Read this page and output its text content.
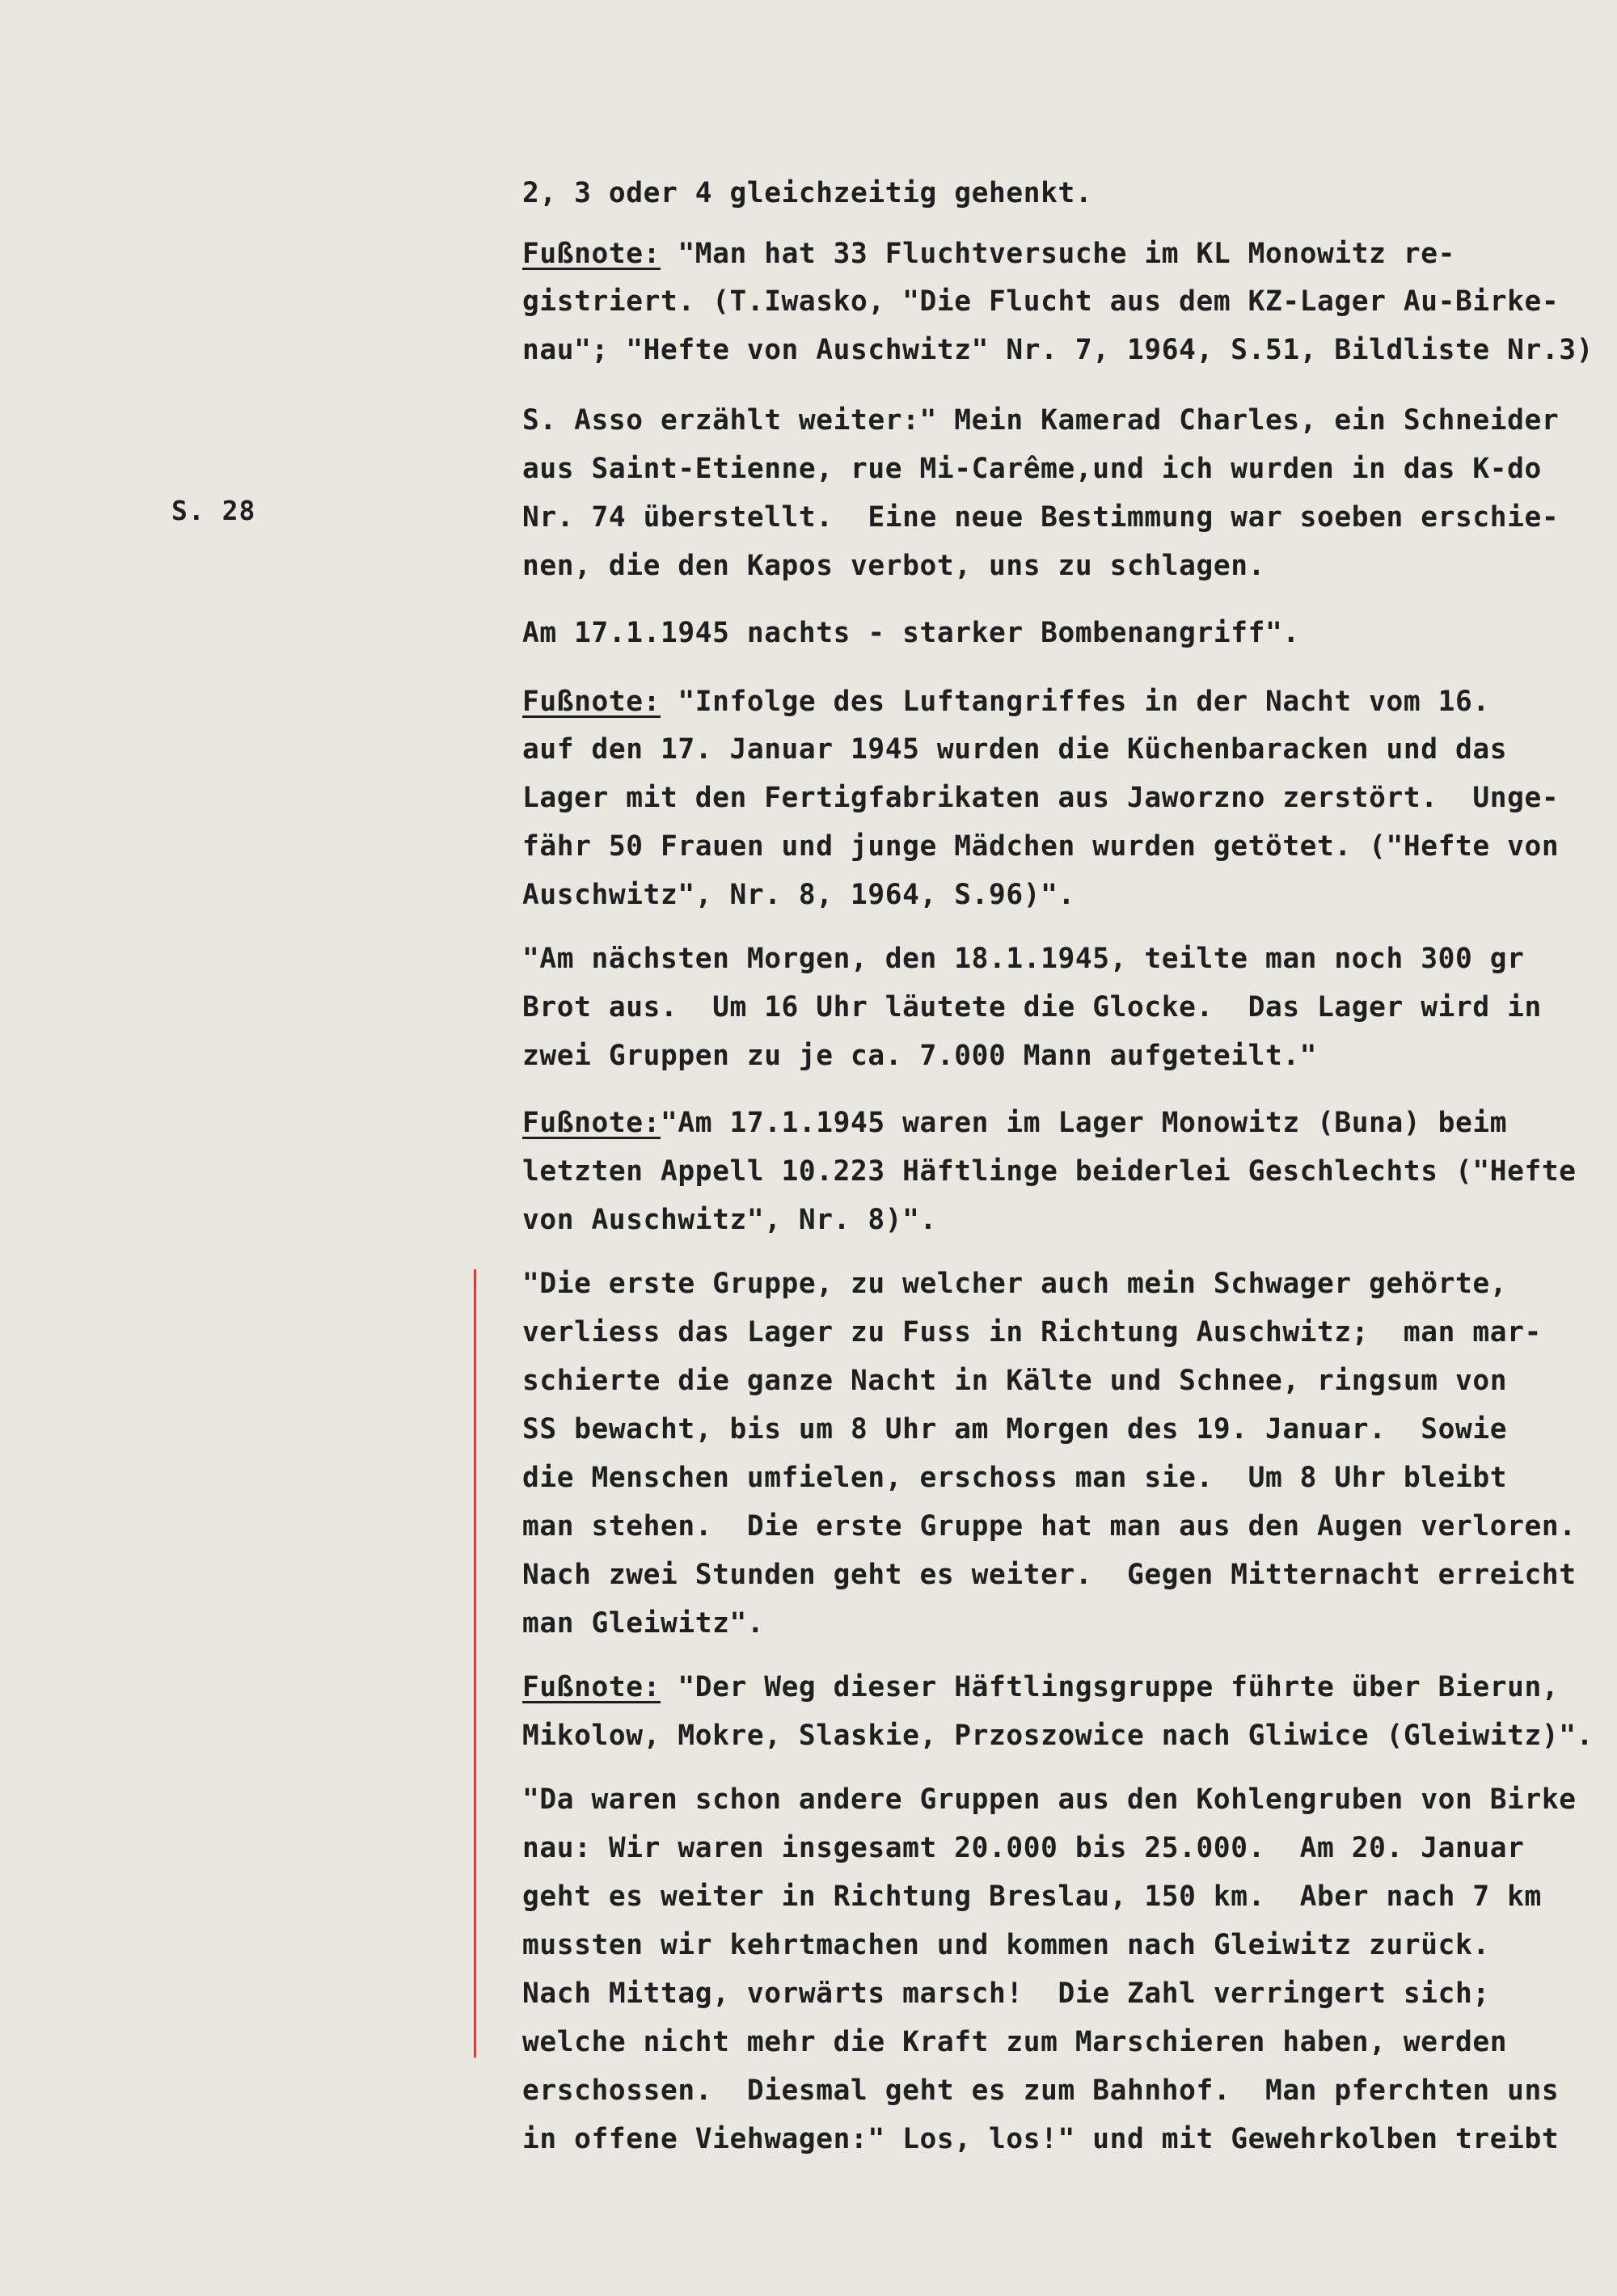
S. 28
2, 3 oder 4 gleichzeitig gehenkt.
Fußnote: "Man hat 33 Fluchtversuche im KL Monowitz re-
gistriert. (T.Iwasko, "Die Flucht aus dem KZ-Lager Au-Birke-
nau"; "Hefte von Auschwitz" Nr. 7, 1964, S.51, Bildliste Nr.3)
S. Asso erzählt weiter:" Mein Kamerad Charles, ein Schneider
aus Saint-Etienne, rue Mi-Carême,und ich wurden in das K-do
Nr. 74 überstellt.  Eine neue Bestimmung war soeben erschie-
nen, die den Kapos verbot, uns zu schlagen.
Am 17.1.1945 nachts - starker Bombenangriff".
Fußnote: "Infolge des Luftangriffes in der Nacht vom 16.
auf den 17. Januar 1945 wurden die Küchenbaracken und das
Lager mit den Fertigfabrikaten aus Jaworzno zerstört.  Unge-
fähr 50 Frauen und junge Mädchen wurden getötet. ("Hefte von
Auschwitz", Nr. 8, 1964, S.96)".
"Am nächsten Morgen, den 18.1.1945, teilte man noch 300 gr
Brot aus.  Um 16 Uhr läutete die Glocke.  Das Lager wird in
zwei Gruppen zu je ca. 7.000 Mann aufgeteilt."
Fußnote:"Am 17.1.1945 waren im Lager Monowitz (Buna) beim
letzten Appell 10.223 Häftlinge beiderlei Geschlechts ("Hefte
von Auschwitz", Nr. 8)".
"Die erste Gruppe, zu welcher auch mein Schwager gehörte,
verliess das Lager zu Fuss in Richtung Auschwitz;  man mar-
schierte die ganze Nacht in Kälte und Schnee, ringsum von
SS bewacht, bis um 8 Uhr am Morgen des 19. Januar.  Sowie
die Menschen umfielen, erschoss man sie.  Um 8 Uhr bleibt
man stehen.  Die erste Gruppe hat man aus den Augen verloren.
Nach zwei Stunden geht es weiter.  Gegen Mitternacht erreicht
man Gleiwitz".
Fußnote: "Der Weg dieser Häftlingsgruppe führte über Bierun,
Mikolow, Mokre, Slaskie, Przoszowice nach Gliwice (Gleiwitz)".
"Da waren schon andere Gruppen aus den Kohlengruben von Birke
nau: Wir waren insgesamt 20.000 bis 25.000.  Am 20. Januar
geht es weiter in Richtung Breslau, 150 km.  Aber nach 7 km
mussten wir kehrtmachen und kommen nach Gleiwitz zurück.
Nach Mittag, vorwärts marsch!  Die Zahl verringert sich;
welche nicht mehr die Kraft zum Marschieren haben, werden
erschossen.  Diesmal geht es zum Bahnhof.  Man pferchten uns
in offene Viehwagen:" Los, los!" und mit Gewehrkolben treibt
